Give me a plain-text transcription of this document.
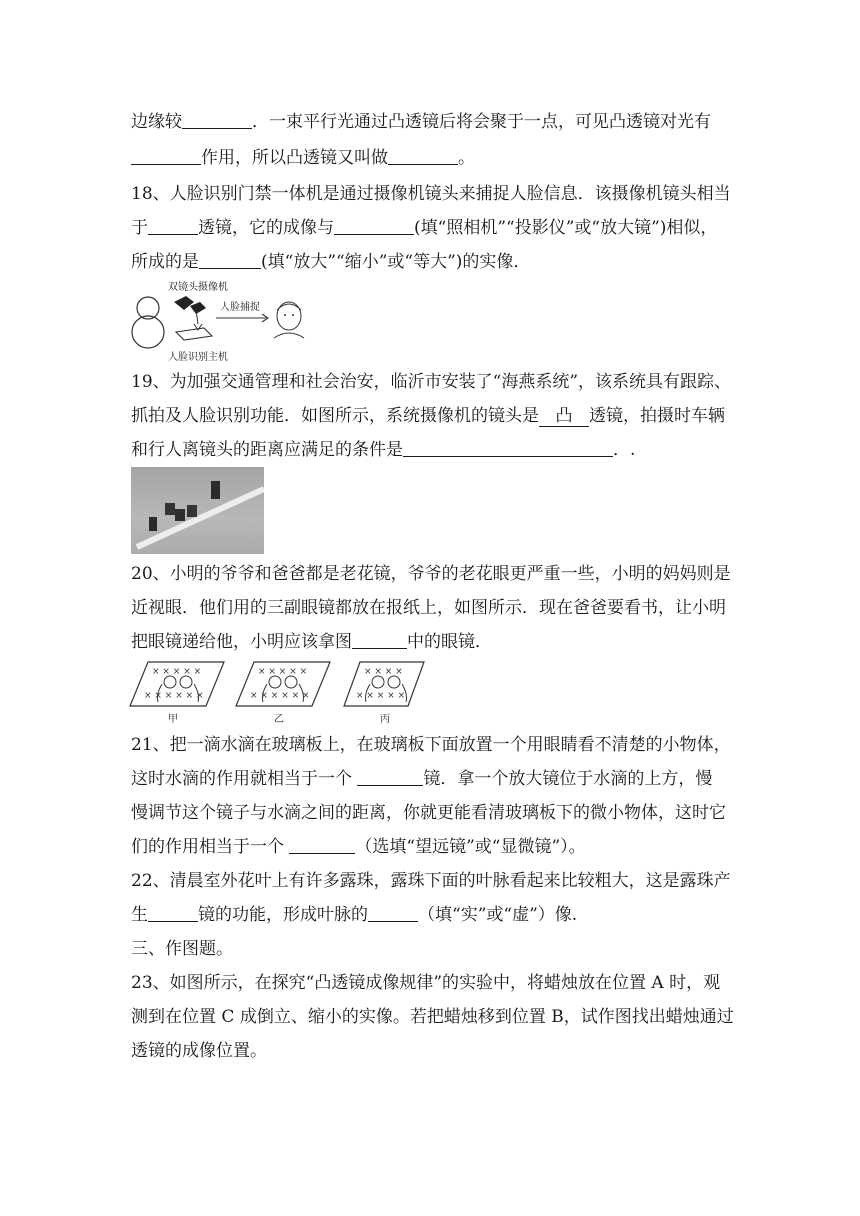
边缘较	．一束平行光通过凸透镜后将会聚于一点，可见凸透镜对光有
作用，所以凸透镜又叫做	。
18、人脸识别门禁一体机是通过摄像机镜头来捕捉人脸信息．该摄像机镜头相当
于	透镜，它的成像与	(填“照相机”“投影仪”或“放大镜”)相似，
所成的是	(填“放大”“缩小”或“等大”)的实像．
双镜头摄像机
人脸捕捉
人脸识别主机
19、为加强交通管理和社会治安，临沂市安装了“海燕系统”，该系统具有跟踪、
抓拍及人脸识别功能．如图所示，系统摄像机的镜头是 凸 透镜，拍摄时车辆
和行人离镜头的距离应满足的条件是	．.
20、小明的爷爷和爸爸都是老花镜，爷爷的老花眼更严重一些，小明的妈妈则是
近视眼．他们用的三副眼镜都放在报纸上，如图所示．现在爸爸要看书，让小明
把眼镜递给他，小明应该拿图	中的眼镜．
× × × × ×
× × × × × ×
× × × × ×
× × × × × ×
× × × ×
× × × × ×
甲	乙	丙
21、把一滴水滴在玻璃板上，在玻璃板下面放置一个用眼睛看不清楚的小物体，
这时水滴的作用就相当于一个	镜．拿一个放大镜位于水滴的上方，慢
慢调节这个镜子与水滴之间的距离，你就更能看清玻璃板下的微小物体，这时它
们的作用相当于一个	（选填“望远镜”或“显微镜”）。
22、清晨室外花叶上有许多露珠，露珠下面的叶脉看起来比较粗大，这是露珠产
生	镜的功能，形成叶脉的	（填“实”或“虚”）像.
三、作图题。
23、如图所示，在探究“凸透镜成像规律”的实验中，将蜡烛放在位置 A 时，观
测到在位置 C 成倒立、缩小的实像。若把蜡烛移到位置 B，试作图找出蜡烛通过
透镜的成像位置。
